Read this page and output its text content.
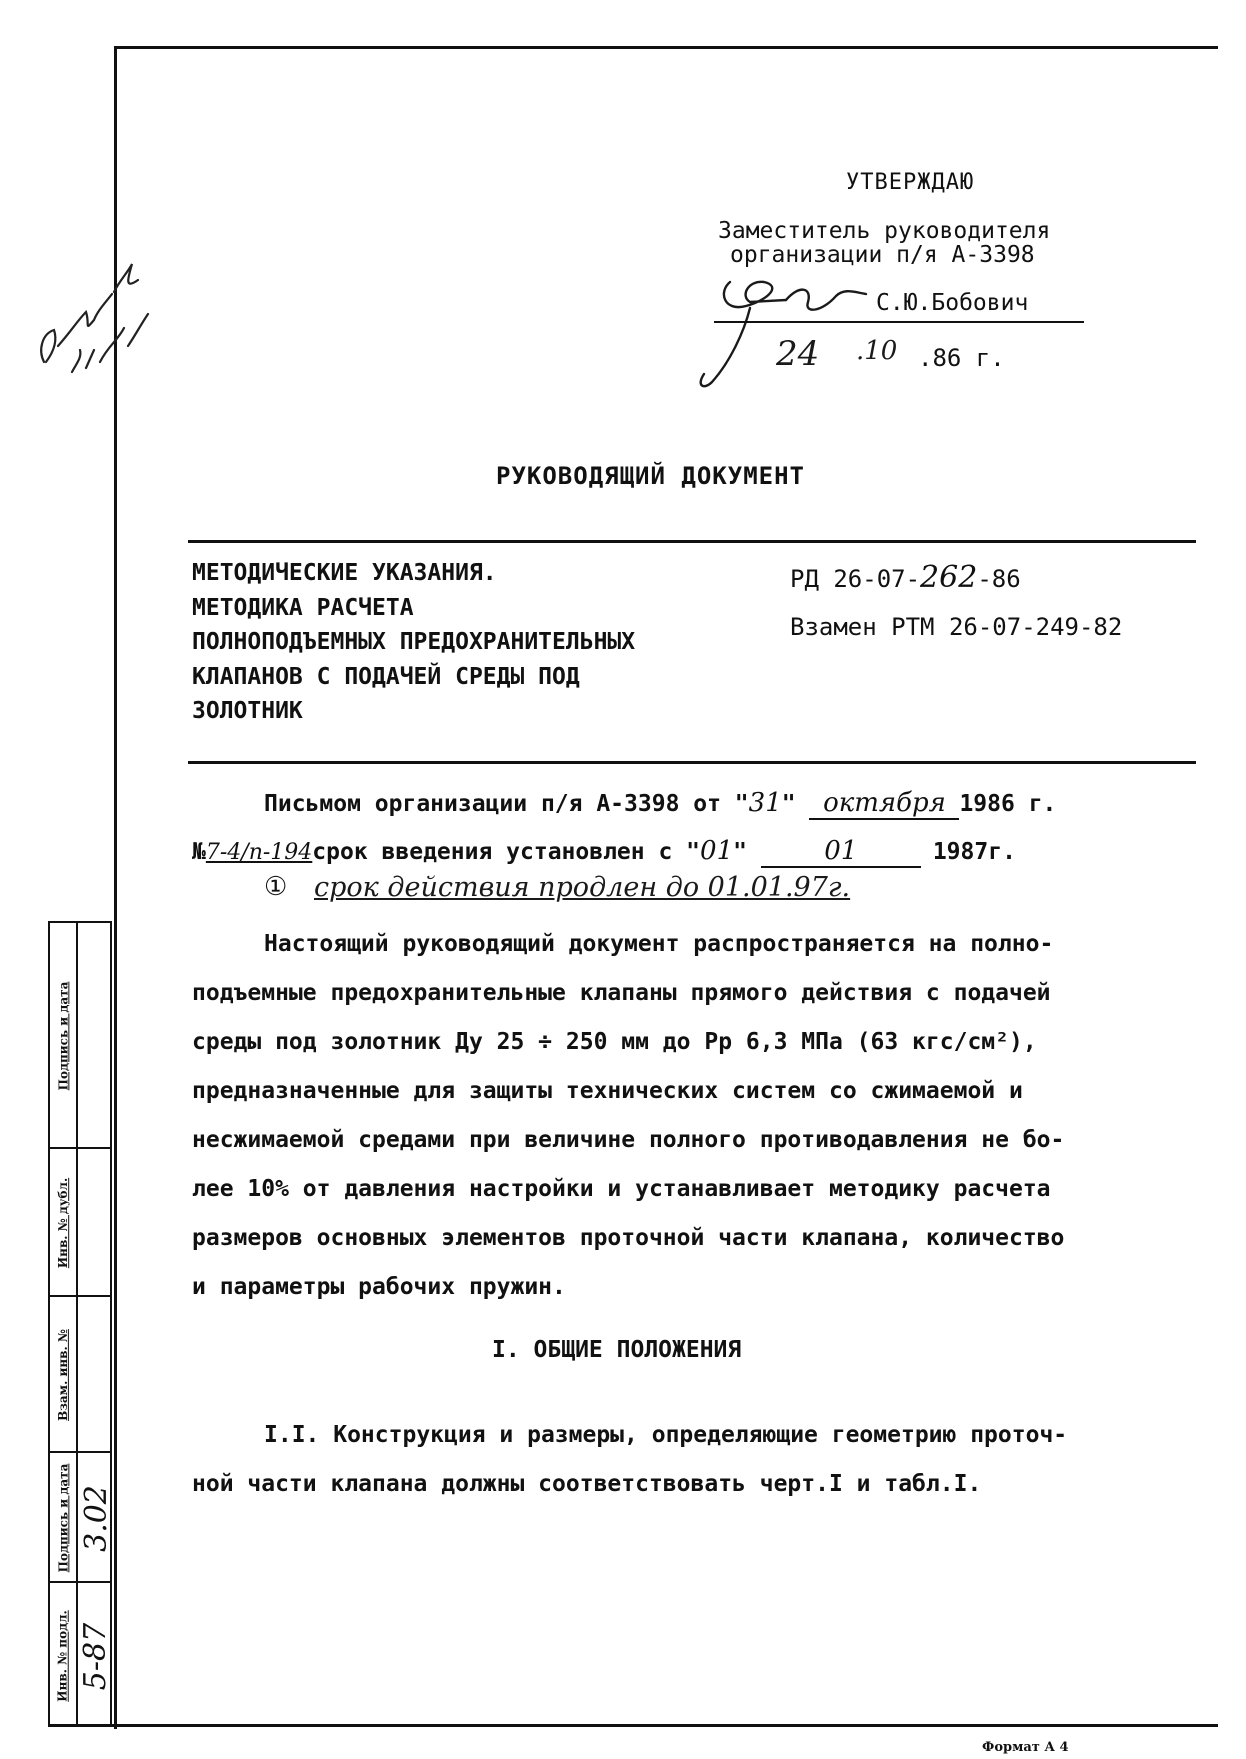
УТВЕРЖДАЮ
Заместитель руководителя
организации п/я А-3398
С.Ю.Бобович
24 .10 .86 г.
РУКОВОДЯЩИЙ ДОКУМЕНТ
МЕТОДИЧЕСКИЕ УКАЗАНИЯ.
МЕТОДИКА РАСЧЕТА
ПОЛНОПОДЪЕМНЫХ ПРЕДОХРАНИТЕЛЬНЫХ
КЛАПАНОВ С ПОДАЧЕЙ СРЕДЫ ПОД
ЗОЛОТНИК
РД 26-07-262-86
Взамен РТМ 26-07-249-82
Письмом организации п/я А-3398 от "31" октября 1986 г.
№7-4/п-194срок введения установлен с "01" 01	1987г.
① срок действия продлен до 01.01.97г.
Настоящий руководящий документ распространяется на полно-
подъемные предохранительные клапаны прямого действия с подачей
среды под золотник Ду 25 ÷ 250 мм до Рр 6,3 МПа (63 кгс/см²),
предназначенные для защиты технических систем со сжимаемой и
несжимаемой средами при величине полного противодавления не бо-
лее 10% от давления настройки и устанавливает методику расчета
размеров основных элементов проточной части клапана, количество
и параметры рабочих пружин.
I. ОБЩИЕ ПОЛОЖЕНИЯ
I.I. Конструкция и размеры, определяющие геометрию проточ-
ной части клапана должны соответствовать черт.I и табл.I.
Подпись и дата
Инв. № дубл.
Взам. инв. №
Подпись и дата 3.02
Инв. № подл. 5-87
Формат А 4
